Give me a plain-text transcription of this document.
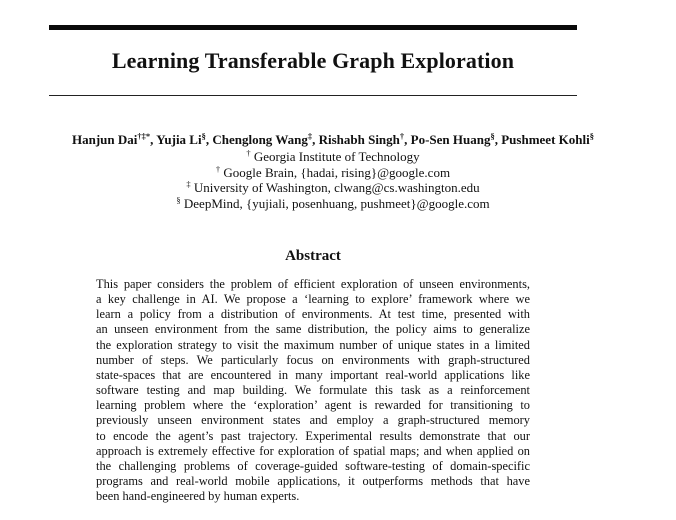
Learning Transferable Graph Exploration
Hanjun Dai†‡*, Yujia Li§, Chenglong Wang‡, Rishabh Singh†, Po-Sen Huang§, Pushmeet Kohli§
† Georgia Institute of Technology
† Google Brain, {hadai, rising}@google.com
‡ University of Washington, clwang@cs.washington.edu
§ DeepMind, {yujiali, posenhuang, pushmeet}@google.com
Abstract
This paper considers the problem of efficient exploration of unseen environments,
a key challenge in AI. We propose a ‘learning to explore’ framework where we
learn a policy from a distribution of environments. At test time, presented with
an unseen environment from the same distribution, the policy aims to generalize
the exploration strategy to visit the maximum number of unique states in a limited
number of steps. We particularly focus on environments with graph-structured
state-spaces that are encountered in many important real-world applications like
software testing and map building. We formulate this task as a reinforcement
learning problem where the ‘exploration’ agent is rewarded for transitioning to
previously unseen environment states and employ a graph-structured memory
to encode the agent’s past trajectory. Experimental results demonstrate that our
approach is extremely effective for exploration of spatial maps; and when applied on
the challenging problems of coverage-guided software-testing of domain-specific
programs and real-world mobile applications, it outperforms methods that have
been hand-engineered by human experts.
